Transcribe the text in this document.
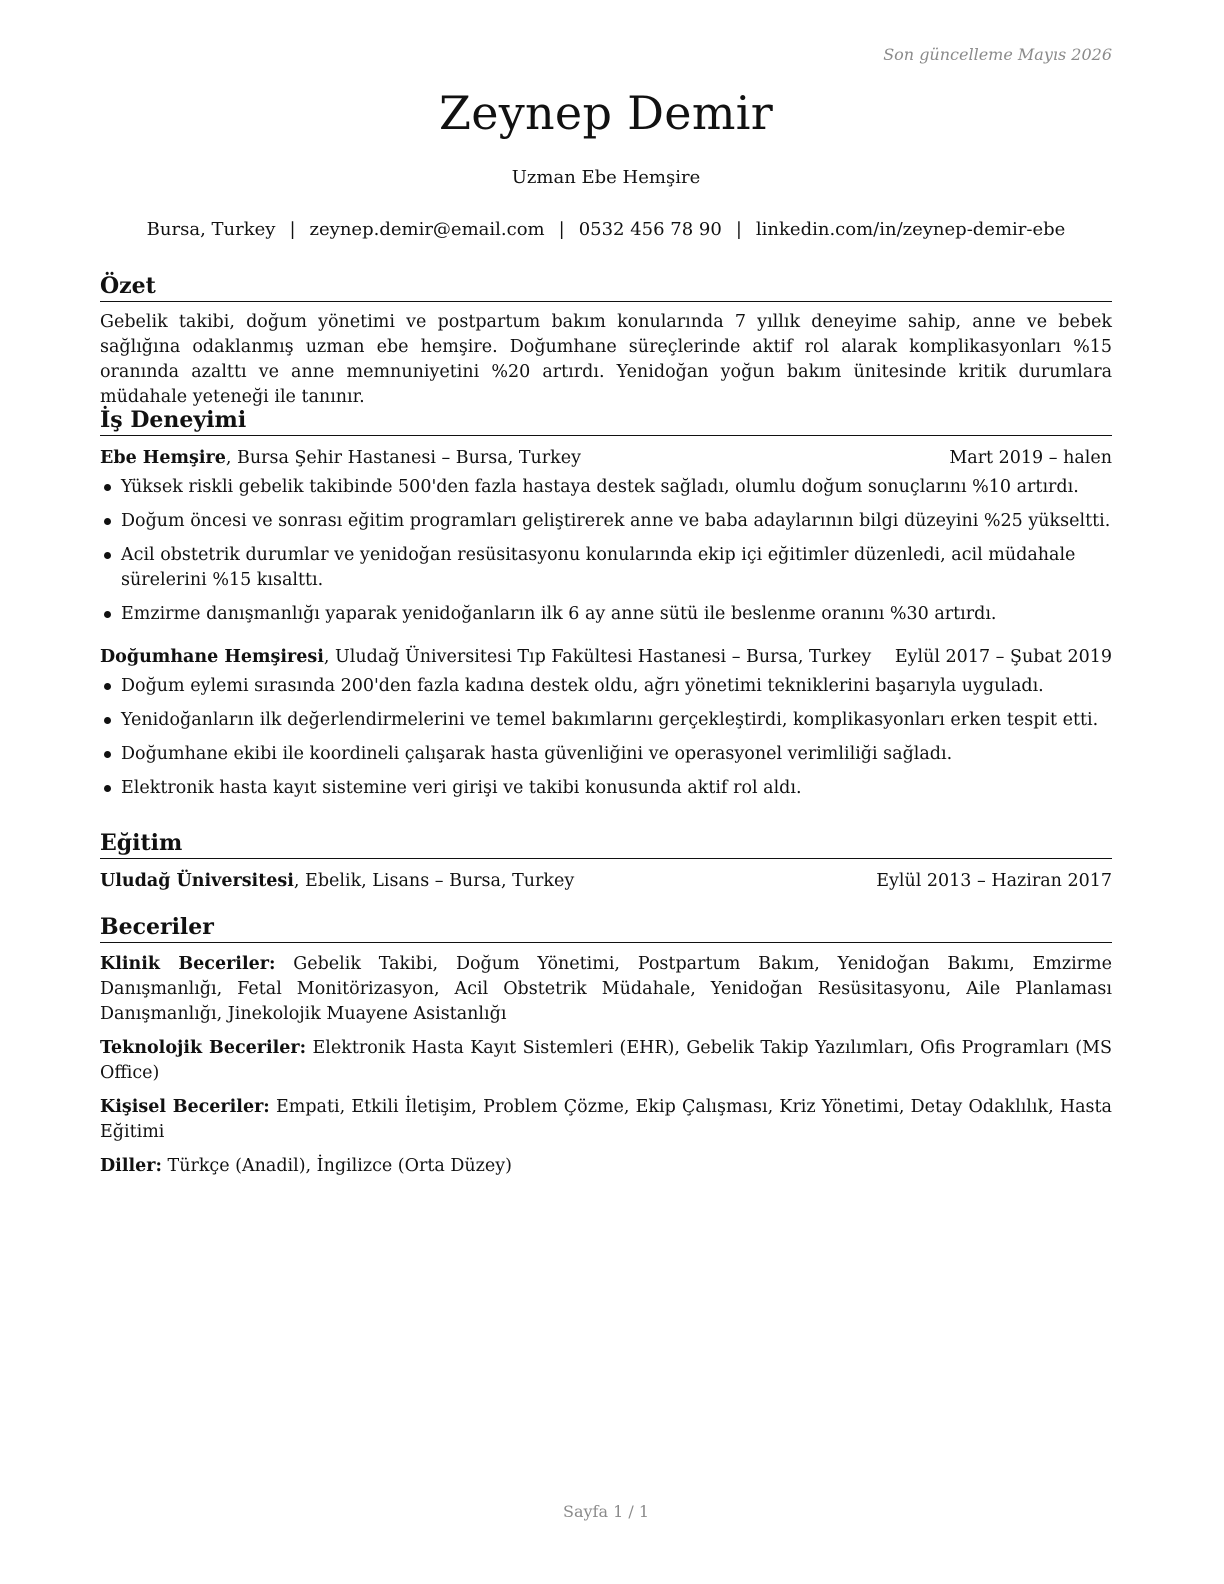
Son güncelleme Mayıs 2026
Zeynep Demir
Uzman Ebe Hemşire
Bursa, Turkey | zeynep.demir@email.com | 0532 456 78 90 | linkedin.com/in/zeynep-demir-ebe
Özet

Gebelik takibi, doğum yönetimi ve postpartum bakım konularında 7 yıllık deneyime sahip, anne ve bebek sağlığına odaklanmış uzman ebe hemşire. Doğumhane süreçlerinde aktif rol alarak komplikasyonları %15 oranında azalttı ve anne memnuniyetini %20 artırdı. Yenidoğan yoğun bakım ünitesinde kritik durumlara müdahale yeteneği ile tanınır.

İş Deneyimi
Ebe Hemşire, Bursa Şehir Hastanesi – Bursa, Turkey	Mart 2019 – halen
Yüksek riskli gebelik takibinde 500'den fazla hastaya destek sağladı, olumlu doğum sonuçlarını %10 artırdı.
Doğum öncesi ve sonrası eğitim programları geliştirerek anne ve baba adaylarının bilgi düzeyini %25 yükseltti.
Acil obstetrik durumlar ve yenidoğan resüsitasyonu konularında ekip içi eğitimler düzenledi, acil müdahale sürelerini %15 kısalttı.
Emzirme danışmanlığı yaparak yenidoğanların ilk 6 ay anne sütü ile beslenme oranını %30 artırdı.
Doğumhane Hemşiresi, Uludağ Üniversitesi Tıp Fakültesi Hastanesi – Bursa, Turkey Eylül 2017 – Şubat 2019
Doğum eylemi sırasında 200'den fazla kadına destek oldu, ağrı yönetimi tekniklerini başarıyla uyguladı.
Yenidoğanların ilk değerlendirmelerini ve temel bakımlarını gerçekleştirdi, komplikasyonları erken tespit etti.
Doğumhane ekibi ile koordineli çalışarak hasta güvenliğini ve operasyonel verimliliği sağladı.
Elektronik hasta kayıt sistemine veri girişi ve takibi konusunda aktif rol aldı.
Eğitim
Uludağ Üniversitesi, Ebelik, Lisans – Bursa, Turkey	Eylül 2013 – Haziran 2017
Beceriler
Klinik Beceriler: Gebelik Takibi, Doğum Yönetimi, Postpartum Bakım, Yenidoğan Bakımı, Emzirme Danışmanlığı, Fetal Monitörizasyon, Acil Obstetrik Müdahale, Yenidoğan Resüsitasyonu, Aile Planlaması Danışmanlığı, Jinekolojik Muayene Asistanlığı
Teknolojik Beceriler: Elektronik Hasta Kayıt Sistemleri (EHR), Gebelik Takip Yazılımları, Ofis Programları (MS Office)
Kişisel Beceriler: Empati, Etkili İletişim, Problem Çözme, Ekip Çalışması, Kriz Yönetimi, Detay Odaklılık, Hasta Eğitimi
Diller: Türkçe (Anadil), İngilizce (Orta Düzey)
Sayfa 1 / 1
